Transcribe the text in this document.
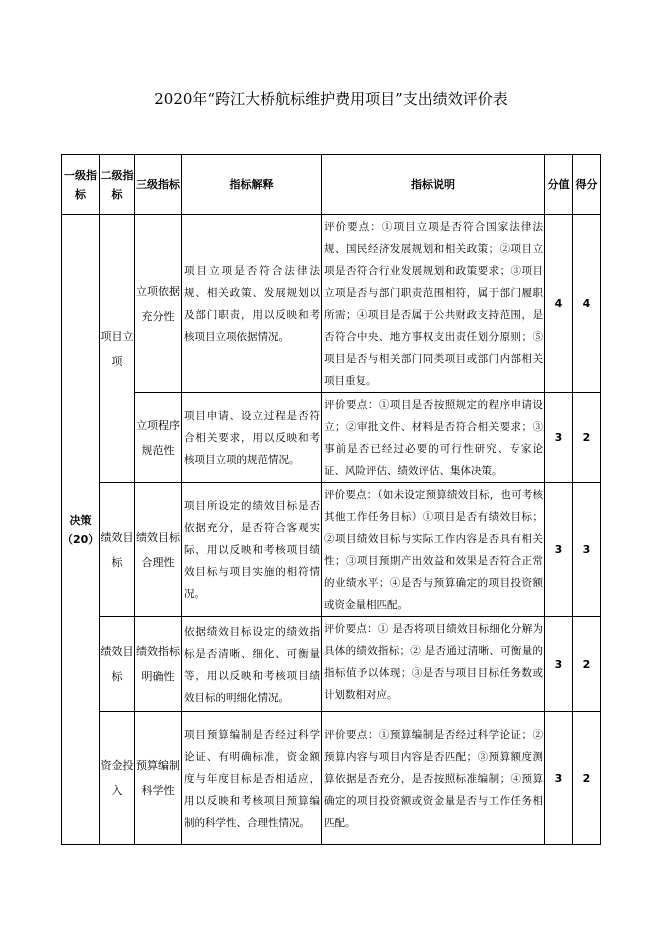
2020年“跨江大桥航标维护费用项目”支出绩效评价表
一级指标	二级指标	三级指标	指标解释	指标说明	分值	得分

决策
（20）	项目立项	立项依据充分性	项目立项是否符合法律法规、相关政策、发展规划以及部门职责，用以反映和考核项目立项依据情况。	评价要点：①项目立项是否符合国家法律法规、国民经济发展规划和相关政策；②项目立项是否符合行业发展规划和政策要求；③项目立项是否与部门职责范围相符，属于部门履职所需；④项目是否属于公共财政支持范围，是否符合中央、地方事权支出责任划分原则；⑤项目是否与相关部门同类项目或部门内部相关项目重复。	4	4
		立项程序规范性	项目申请、设立过程是否符合相关要求，用以反映和考核项目立项的规范情况。	评价要点：①项目是否按照规定的程序申请设立；②审批文件、材料是否符合相关要求；③事前是否已经过必要的可行性研究、专家论证、风险评估、绩效评估、集体决策。	3	2
	绩效目标	绩效目标合理性	项目所设定的绩效目标是否依据充分，是否符合客观实际，用以反映和考核项目绩效目标与项目实施的相符情况。	评价要点：（如未设定预算绩效目标，也可考核其他工作任务目标）①项目是否有绩效目标；②项目绩效目标与实际工作内容是否具有相关性；③项目预期产出效益和效果是否符合正常的业绩水平；④是否与预算确定的项目投资额或资金量相匹配。	3	3
	绩效目标	绩效指标明确性	依据绩效目标设定的绩效指标是否清晰、细化、可衡量等，用以反映和考核项目绩效目标的明细化情况。	评价要点：① 是否将项目绩效目标细化分解为具体的绩效指标；② 是否通过清晰、可衡量的指标值予以体现；③是否与项目目标任务数或计划数相对应。	3	2
	资金投入	预算编制科学性	项目预算编制是否经过科学论证、有明确标准，资金额度与年度目标是否相适应，用以反映和考核项目预算编制的科学性、合理性情况。	评价要点：①预算编制是否经过科学论证；② 预算内容与项目内容是否匹配；③预算额度测算依据是否充分，是否按照标准编制；④预算确定的项目投资额或资金量是否与工作任务相匹配。	3	2
